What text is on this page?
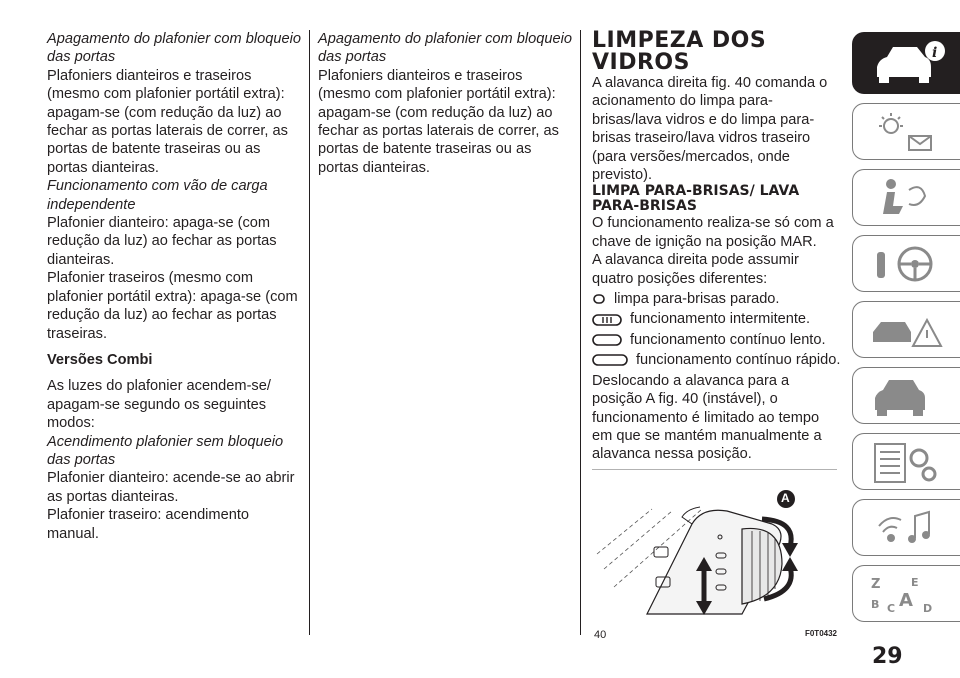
Apagamento do plafonier com bloqueio das portas

Plafoniers dianteiros e traseiros (mesmo com plafonier portátil extra): apagam-se (com redução da luz) ao fechar as portas laterais de correr, as portas de batente traseiras ou as portas dianteiras.

Funcionamento com vão de carga independente

Plafonier dianteiro: apaga-se (com redução da luz) ao fechar as portas dianteiras.

Plafonier traseiros (mesmo com plafonier portátil extra): apaga-se (com redução da luz) ao fechar as portas traseiras.

Versões Combi

As luzes do plafonier acendem-se/ apagam-se segundo os seguintes modos:

Acendimento plafonier sem bloqueio das portas

Plafonier dianteiro: acende-se ao abrir as portas dianteiras.

Plafonier traseiro: acendimento manual.

Apagamento do plafonier com bloqueio das portas

Plafoniers dianteiros e traseiros (mesmo com plafonier portátil extra): apagam-se (com redução da luz) ao fechar as portas laterais de correr, as portas de batente traseiras ou as portas dianteiras.

LIMPEZA DOS VIDROS

A alavanca direita fig. 40 comanda o acionamento do limpa para-brisas/lava vidros e do limpa para-brisas traseiro/lava vidros traseiro (para versões/mercados, onde previsto).

LIMPA PARA-BRISAS/ LAVA PARA-BRISAS

O funcionamento realiza-se só com a chave de ignição na posição MAR.

A alavanca direita pode assumir quatro posições diferentes:

limpa para-brisas parado.
funcionamento intermitente.
funcionamento contínuo lento.
funcionamento contínuo rápido.

Deslocando a alavanca para a posição A fig. 40 (instável), o funcionamento é limitado ao tempo em que se mantém manualmente a alavanca nessa posição.

A
40	F0T0432
29
i
Z	E
B C A D
